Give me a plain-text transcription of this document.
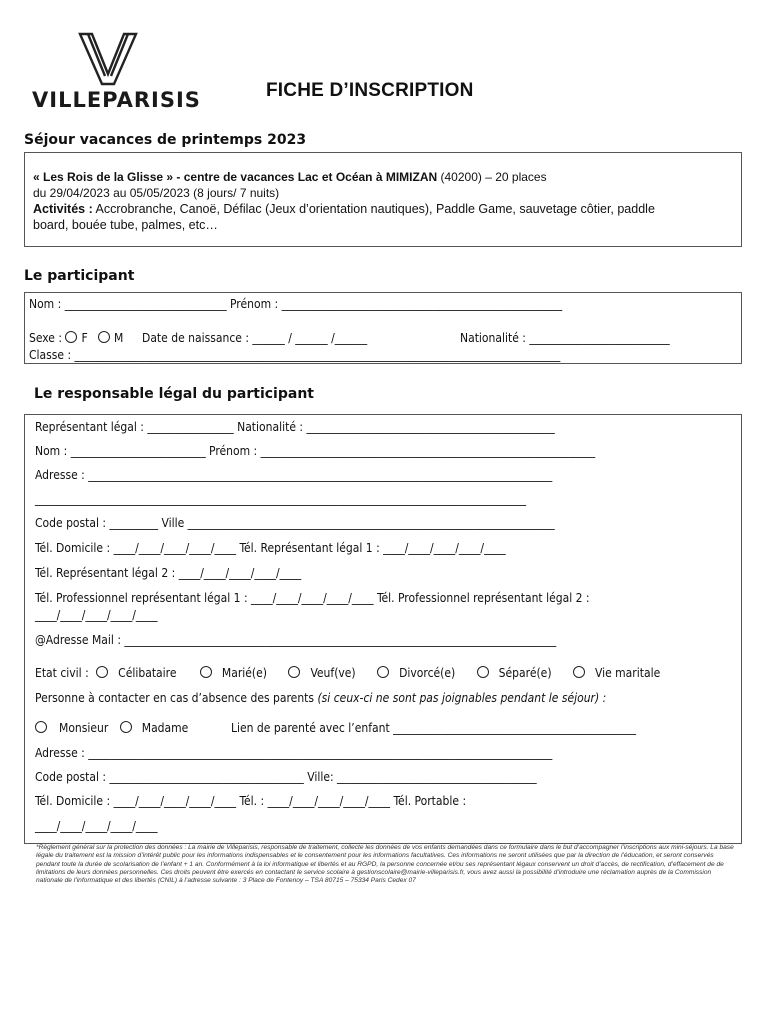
VILLEPARISIS	FICHE D’INSCRIPTION
Séjour vacances de printemps 2023

« Les Rois de la Glisse » - centre de vacances Lac et Océan à MIMIZAN (40200) – 20 places

du 29/04/2023 au 05/05/2023 (8 jours/ 7 nuits)

Activités : Accrobranche, Canoë, Défilac (Jeux d’orientation nautiques), Paddle Game, sauvetage côtier, paddle

board, bouée tube, palmes, etc…

Le participant
Nom : ______________________________ Prénom : ____________________________________________________
Sexe : F M Date de naissance : ______ / ______ /______	Nationalité : __________________________
Classe : __________________________________________________________________________________________
Le responsable légal du participant
Représentant légal : ________________ Nationalité : ______________________________________________
Nom : _________________________ Prénom : ______________________________________________________________
Adresse : ______________________________________________________________________________________
___________________________________________________________________________________________
Code postal : _________ Ville ____________________________________________________________________
Tél. Domicile : ____/____/____/____/____ Tél. Représentant légal 1 : ____/____/____/____/____
Tél. Représentant légal 2 : ____/____/____/____/____
Tél. Professionnel représentant légal 1 : ____/____/____/____/____ Tél. Professionnel représentant légal 2 :
____/____/____/____/____
@Adresse Mail : ________________________________________________________________________________
Etat civil : Célibataire	Marié(e)	Veuf(ve)	Divorcé(e)	Séparé(e)	Vie maritale
Personne à contacter en cas d’absence des parents (si ceux-ci ne sont pas joignables pendant le séjour) :
Monsieur	Madame	Lien de parenté avec l’enfant _____________________________________________
Adresse : ______________________________________________________________________________________
Code postal : ____________________________________ Ville: _____________________________________
Tél. Domicile : ____/____/____/____/____ Tél. : ____/____/____/____/____ Tél. Portable :
____/____/____/____/____
*Règlement général sur la protection des données : La mairie de Villeparisis, responsable de traitement, collecte les données de vos enfants demandées dans ce formulaire dans le but d’accompagner l’inscriptions aux mini-séjours. La base légale du traitement est la mission d’intérêt public pour les informations indispensables et le consentement pour les informations facultatives. Ces informations ne seront utilisées que par la direction de l’éducation, et seront conservés pendant toute la durée de scolarisation de l’enfant + 1 an. Conformément à la loi informatique et libertés et au RGPD, la personne concernée et/ou ses représentant légaux conservent un droit d’accès, de rectification, d’effacement de de limitations de leurs données personnelles. Ces droits peuvent être exercés en contactant le service scolaire à gestionscolaire@mairie-villeparisis.fr, vous avez aussi la possibilité d’introduire une réclamation auprès de la Commission nationale de l’informatique et des libertés (CNIL) à l’adresse suivante : 3 Place de Fontenoy – TSA 80715 – 75334 Paris Cedex 07
